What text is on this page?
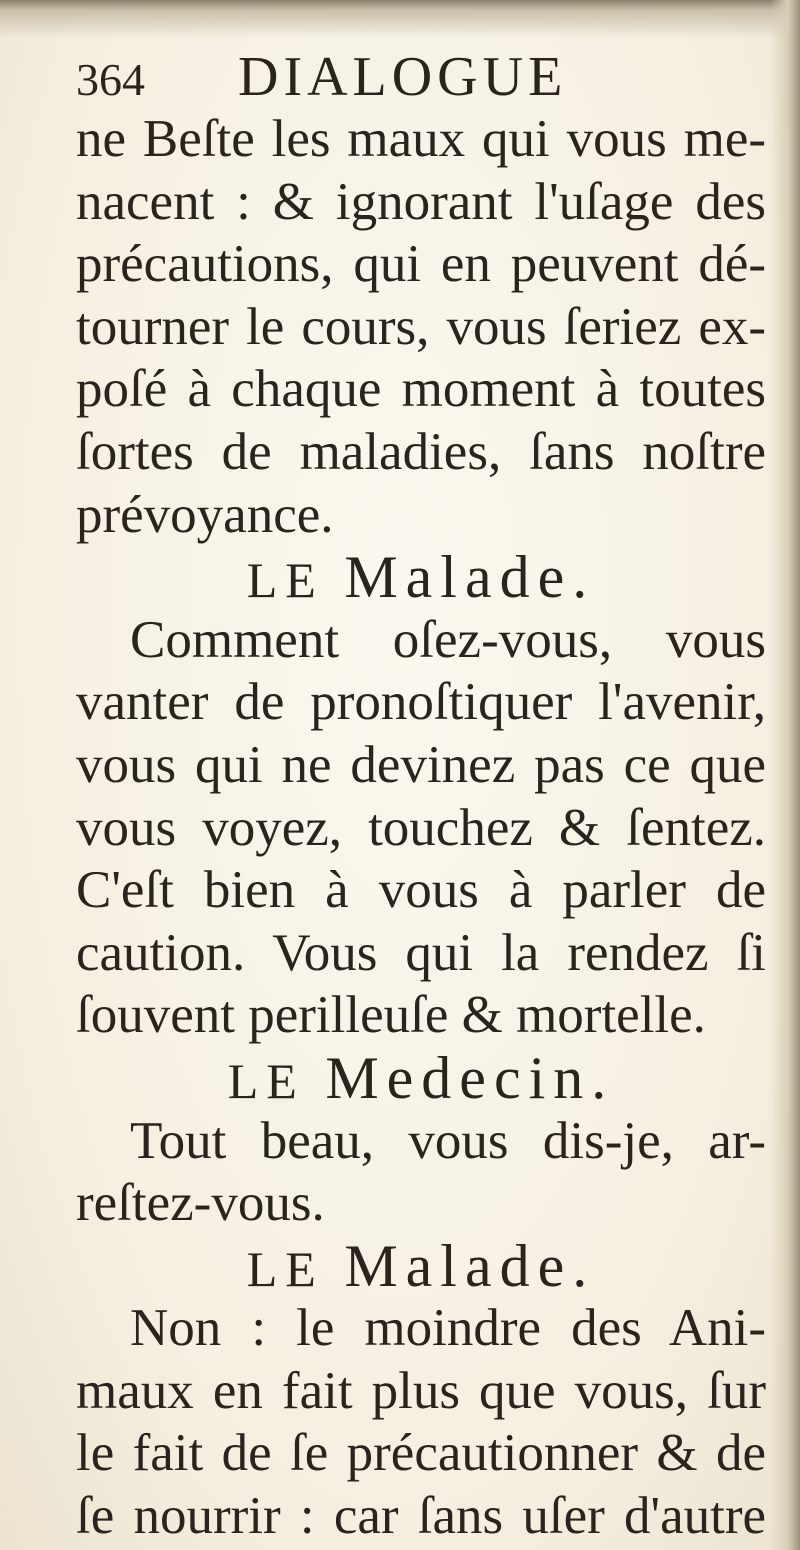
364	DIALOGUE
ne Beſte les maux qui vous me-
nacent : & ignorant l'uſage des
précautions, qui en peuvent dé-
tourner le cours, vous ſeriez ex-
poſé à chaque moment à toutes
ſortes de maladies, ſans noſtre
prévoyance.
LE Malade.
Comment oſez-vous, vous
vanter de pronoſtiquer l'avenir,
vous qui ne devinez pas ce que
vous voyez, touchez & ſentez.
C'eſt bien à vous à parler de
caution. Vous qui la rendez ſi
ſouvent perilleuſe & mortelle.
LE Medecin.
Tout beau, vous dis-je, ar-
reſtez-vous.
LE Malade.
Non : le moindre des Ani-
maux en fait plus que vous, ſur
le fait de ſe précautionner & de
ſe nourrir : car ſans uſer d'autre
